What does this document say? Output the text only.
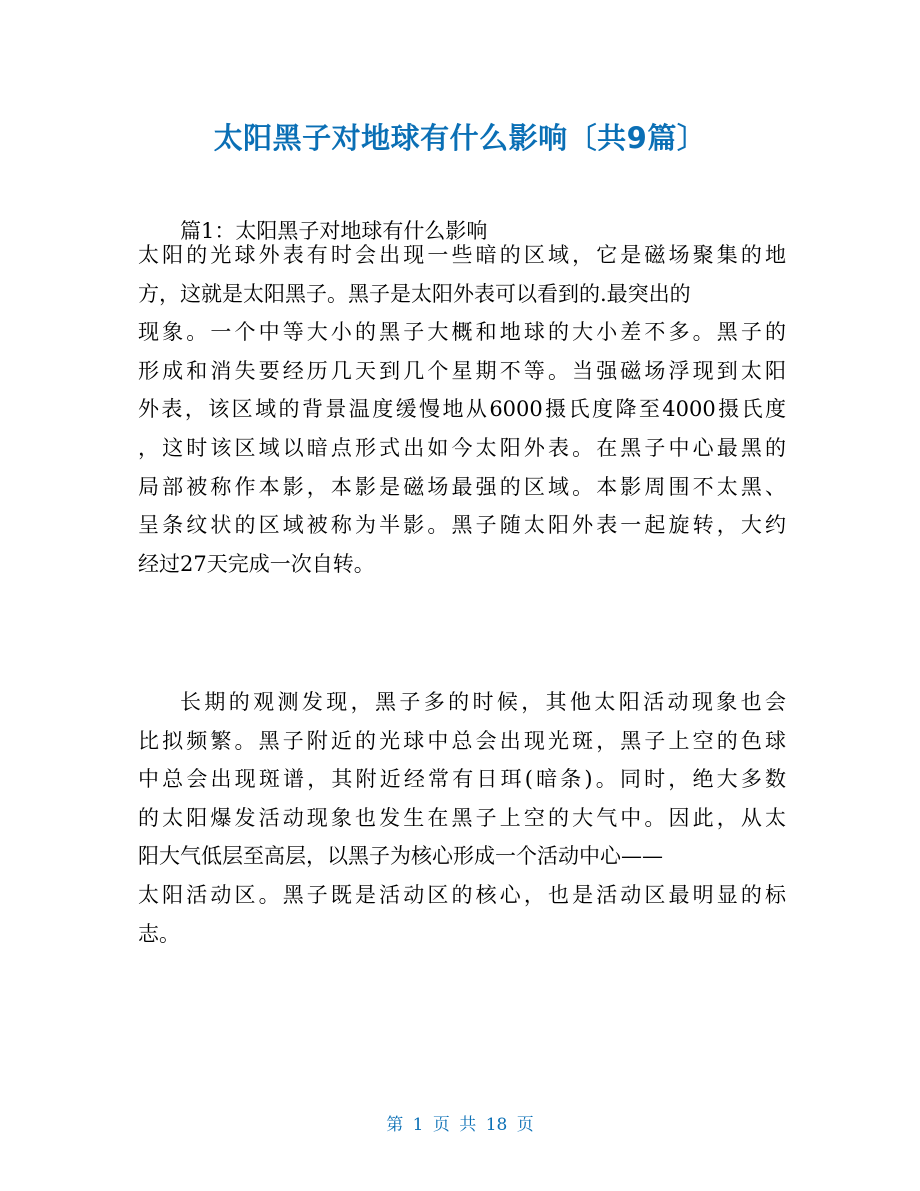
太阳黑子对地球有什么影响〔共9篇〕
篇1：太阳黑子对地球有什么影响
太阳的光球外表有时会出现一些暗的区域，它是磁场聚集的地
方，这就是太阳黑子。黑子是太阳外表可以看到的.最突出的
现象。一个中等大小的黑子大概和地球的大小差不多。黑子的
形成和消失要经历几天到几个星期不等。当强磁场浮现到太阳
外表，该区域的背景温度缓慢地从6000摄氏度降至4000摄氏度
，这时该区域以暗点形式出如今太阳外表。在黑子中心最黑的
局部被称作本影，本影是磁场最强的区域。本影周围不太黑、
呈条纹状的区域被称为半影。黑子随太阳外表一起旋转，大约
经过27天完成一次自转。
长期的观测发现，黑子多的时候，其他太阳活动现象也会
比拟频繁。黑子附近的光球中总会出现光斑，黑子上空的色球
中总会出现斑谱，其附近经常有日珥(暗条)。同时，绝大多数
的太阳爆发活动现象也发生在黑子上空的大气中。因此，从太
阳大气低层至高层，以黑子为核心形成一个活动中心——
太阳活动区。黑子既是活动区的核心，也是活动区最明显的标
志。
第 1 页 共 18 页
